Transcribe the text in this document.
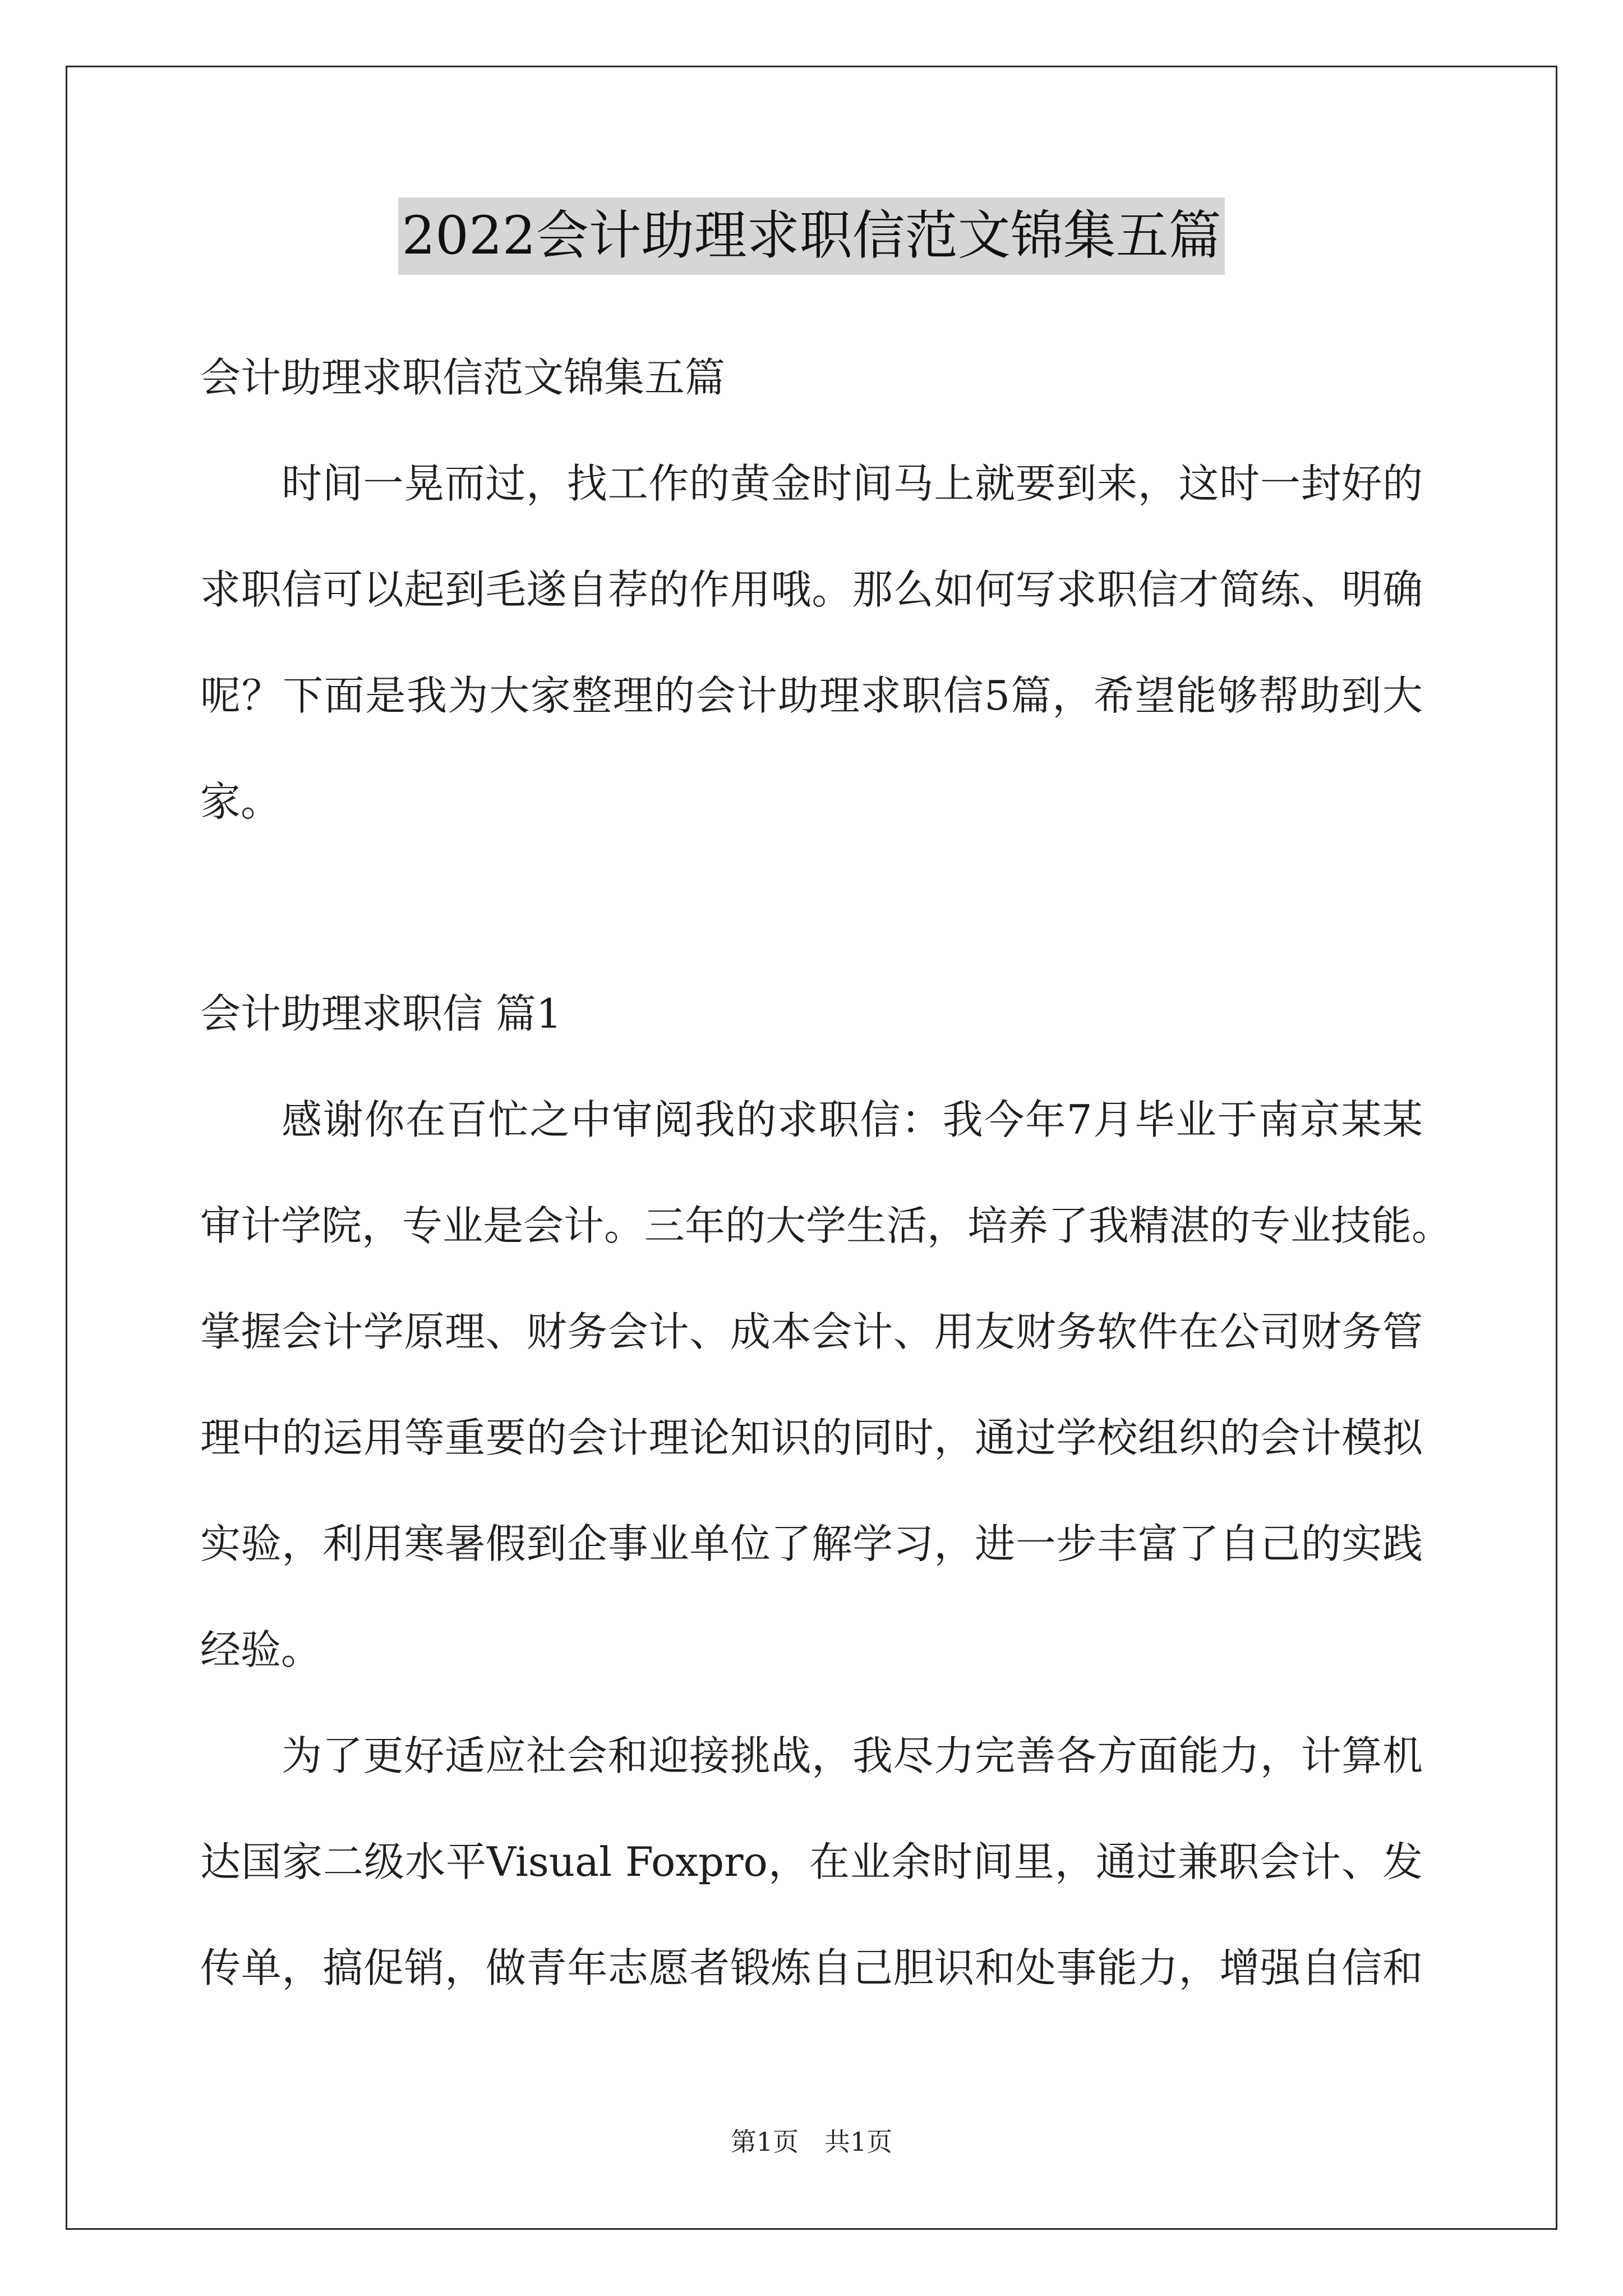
2022会计助理求职信范文锦集五篇
会计助理求职信范文锦集五篇
时间一晃而过，找工作的黄金时间马上就要到来，这时一封好的
求职信可以起到毛遂自荐的作用哦。那么如何写求职信才简练、明确
呢？下面是我为大家整理的会计助理求职信5篇，希望能够帮助到大
家。
会计助理求职信 篇1
感谢你在百忙之中审阅我的求职信：我今年7月毕业于南京某某
审计学院，专业是会计。三年的大学生活，培养了我精湛的专业技能。
掌握会计学原理、财务会计、成本会计、用友财务软件在公司财务管
理中的运用等重要的会计理论知识的同时，通过学校组织的会计模拟
实验，利用寒暑假到企事业单位了解学习，进一步丰富了自己的实践
经验。
为了更好适应社会和迎接挑战，我尽力完善各方面能力，计算机
达国家二级水平Visual Foxpro，在业余时间里，通过兼职会计、发
传单，搞促销，做青年志愿者锻炼自己胆识和处事能力，增强自信和
第1页　共1页
